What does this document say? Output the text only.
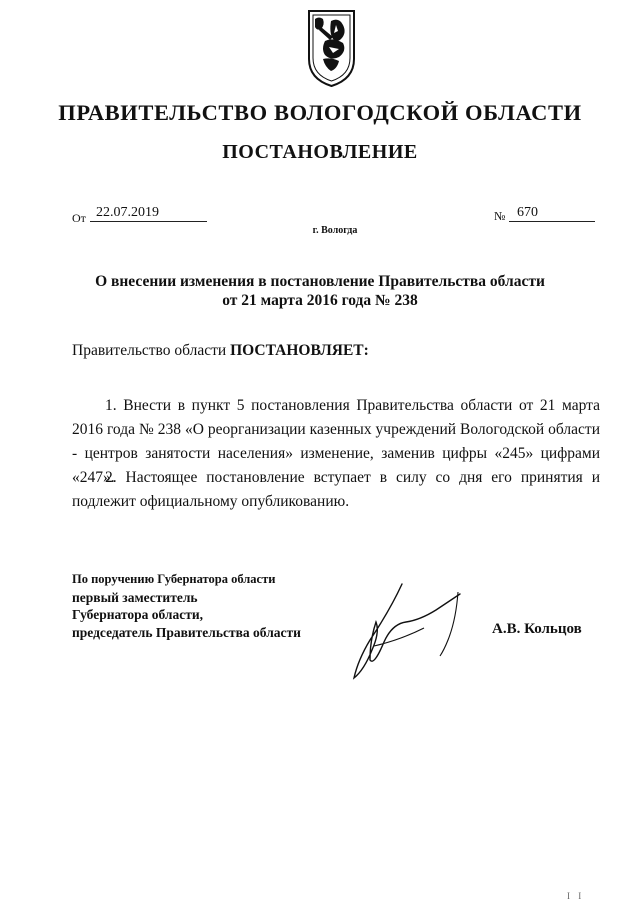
ПРАВИТЕЛЬСТВО ВОЛОГОДСКОЙ ОБЛАСТИ
ПОСТАНОВЛЕНИЕ
От 22.07.2019	№ 670
г. Вологда
О внесении изменения в постановление Правительства области
от 21 марта 2016 года № 238
Правительство области ПОСТАНОВЛЯЕТ:
1. Внести в пункт 5 постановления Правительства области от 21 марта 2016 года № 238 «О реорганизации казенных учреждений Вологодской области - центров занятости населения» изменение, заменив цифры «245» цифрами «247».
2. Настоящее постановление вступает в силу со дня его принятия и подлежит официальному опубликованию.
По поручению Губернатора области
первый заместитель
Губернатора области,
председатель Правительства области	А.В. Кольцов
I I
